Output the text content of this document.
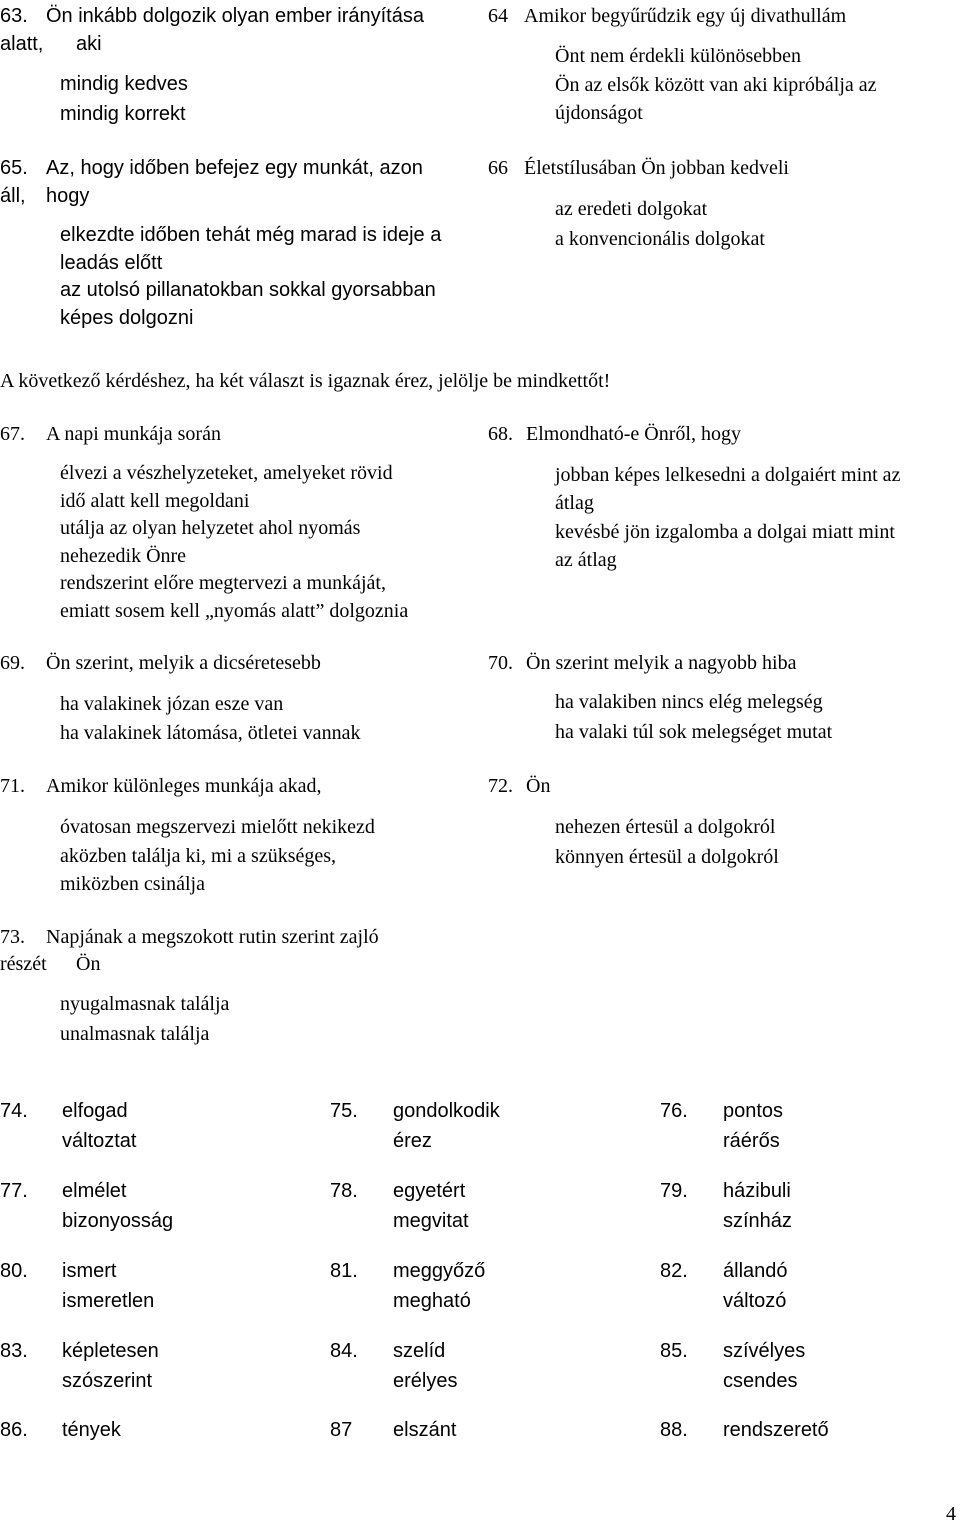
63. Ön inkább dolgozik olyan ember irányítása
alatt, aki
mindig kedves
mindig korrekt
64 Amikor begyűrűdzik egy új divathullám
Önt nem érdekli különösebben
Ön az elsők között van aki kipróbálja az
újdonságot
65. Az, hogy időben befejez egy munkát, azon
áll, hogy
elkezdte időben tehát még marad is ideje a
leadás előtt
az utolsó pillanatokban sokkal gyorsabban
képes dolgozni
66 Életstílusában Ön jobban kedveli
az eredeti dolgokat
a konvencionális dolgokat
A következő kérdéshez, ha két választ is igaznak érez, jelölje be mindkettőt!
67. A napi munkája során
élvezi a vészhelyzeteket, amelyeket rövid
idő alatt kell megoldani
utálja az olyan helyzetet ahol nyomás
nehezedik Önre
rendszerint előre megtervezi a munkáját,
emiatt sosem kell „nyomás alatt” dolgoznia
68. Elmondható-e Önről, hogy
jobban képes lelkesedni a dolgaiért mint az
átlag
kevésbé jön izgalomba a dolgai miatt mint
az átlag
69. Ön szerint, melyik a dicséretesebb
ha valakinek józan esze van
ha valakinek látomása, ötletei vannak
70. Ön szerint melyik a nagyobb hiba
ha valakiben nincs elég melegség
ha valaki túl sok melegséget mutat
71. Amikor különleges munkája akad,
óvatosan megszervezi mielőtt nekikezd
aközben találja ki, mi a szükséges,
miközben csinálja
72. Ön
nehezen értesül a dolgokról
könnyen értesül a dolgokról
73. Napjának a megszokott rutin szerint zajló
részét Ön
nyugalmasnak találja
unalmasnak találja
74. elfogad
változtat
75. gondolkodik
érez
76. pontos
ráérős
77. elmélet
bizonyosság
78. egyetért
megvitat
79. házibuli
színház
80. ismert
ismeretlen
81. meggyőző
megható
82. állandó
változó
83. képletesen
szószerint
84. szelíd
erélyes
85. szívélyes
csendes
86. tények	87 elszánt	88. rendszerető
4
